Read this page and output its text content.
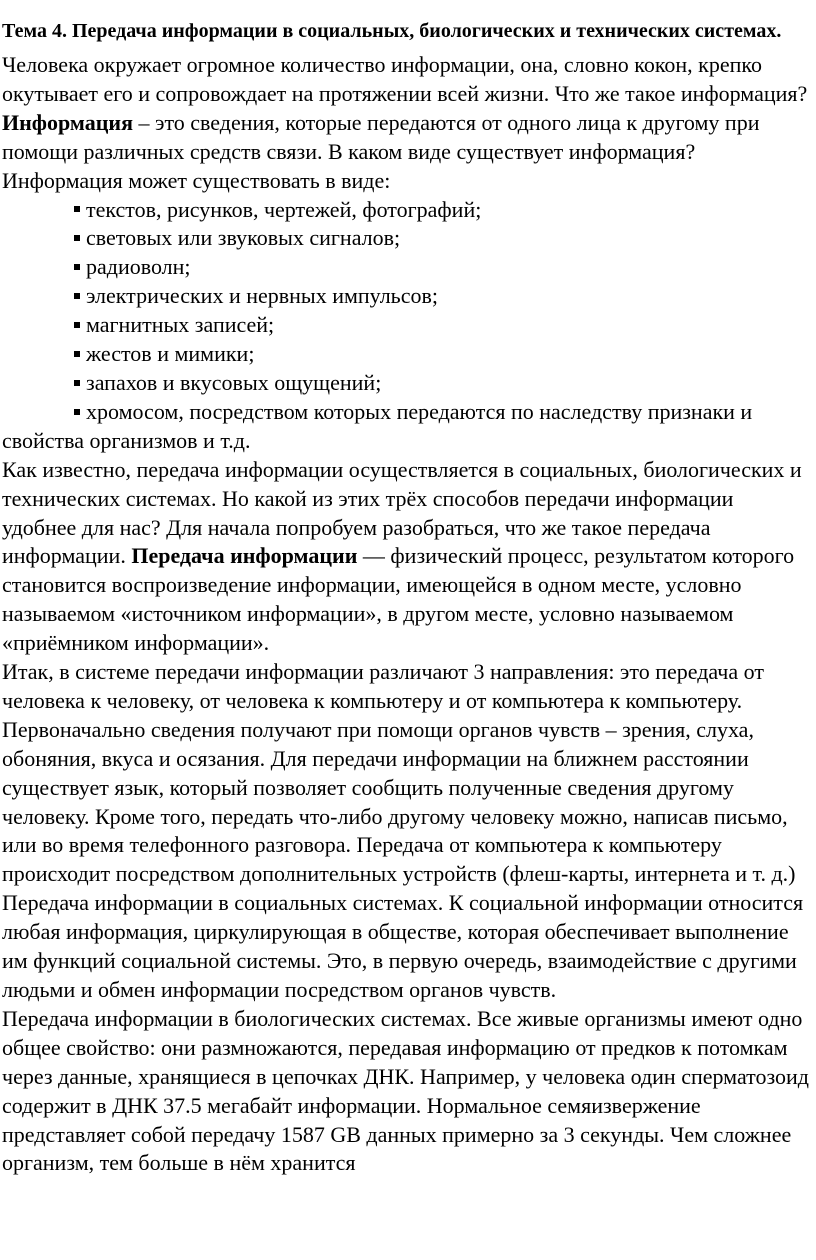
Тема 4. Передача информации в социальных, биологических и технических системах.

Человека окружает огромное количество информации, она, словно кокон, крепко окутывает его и сопровождает на протяжении всей жизни. Что же такое информация? Информация – это сведения, которые передаются от одного лица к другому при помощи различных средств связи. В каком виде существует информация?

Информация может существовать в виде:

текстов, рисунков, чертежей, фотографий;
световых или звуковых сигналов;
радиоволн;
электрических и нервных импульсов;
магнитных записей;
жестов и мимики;
запахов и вкусовых ощущений;
хромосом, посредством которых передаются по наследству признаки и свойства организмов и т.д.

Как известно, передача информации осуществляется в социальных, биологических и технических системах. Но какой из этих трёх способов передачи информации удобнее для нас? Для начала попробуем разобраться, что же такое передача информации. Передача информации — физический процесс, результатом которого становится воспроизведение информации, имеющейся в одном месте, условно называемом «источником информации», в другом месте, условно называемом «приёмником информации».

Итак, в системе передачи информации различают 3 направления: это передача от человека к человеку, от человека к компьютеру и от компьютера к компьютеру. Первоначально сведения получают при помощи органов чувств – зрения, слуха, обоняния, вкуса и осязания. Для передачи информации на ближнем расстоянии существует язык, который позволяет сообщить полученные сведения другому человеку. Кроме того, передать что-либо другому человеку можно, написав письмо, или во время телефонного разговора. Передача от компьютера к компьютеру происходит посредством дополнительных устройств (флеш-карты, интернета и т. д.)

Передача информации в социальных системах. К социальной информации относится любая информация, циркулирующая в обществе, которая обеспечивает выполнение им функций социальной системы. Это, в первую очередь, взаимодействие с другими людьми и обмен информации посредством органов чувств.

Передача информации в биологических системах. Все живые организмы имеют одно общее свойство: они размножаются, передавая информацию от предков к потомкам через данные, хранящиеся в цепочках ДНК. Например, у человека один сперматозоид содержит в ДНК 37.5 мегабайт информации. Нормальное семяизвержение представляет собой передачу 1587 GB данных примерно за 3 секунды. Чем сложнее организм, тем больше в нём хранится
